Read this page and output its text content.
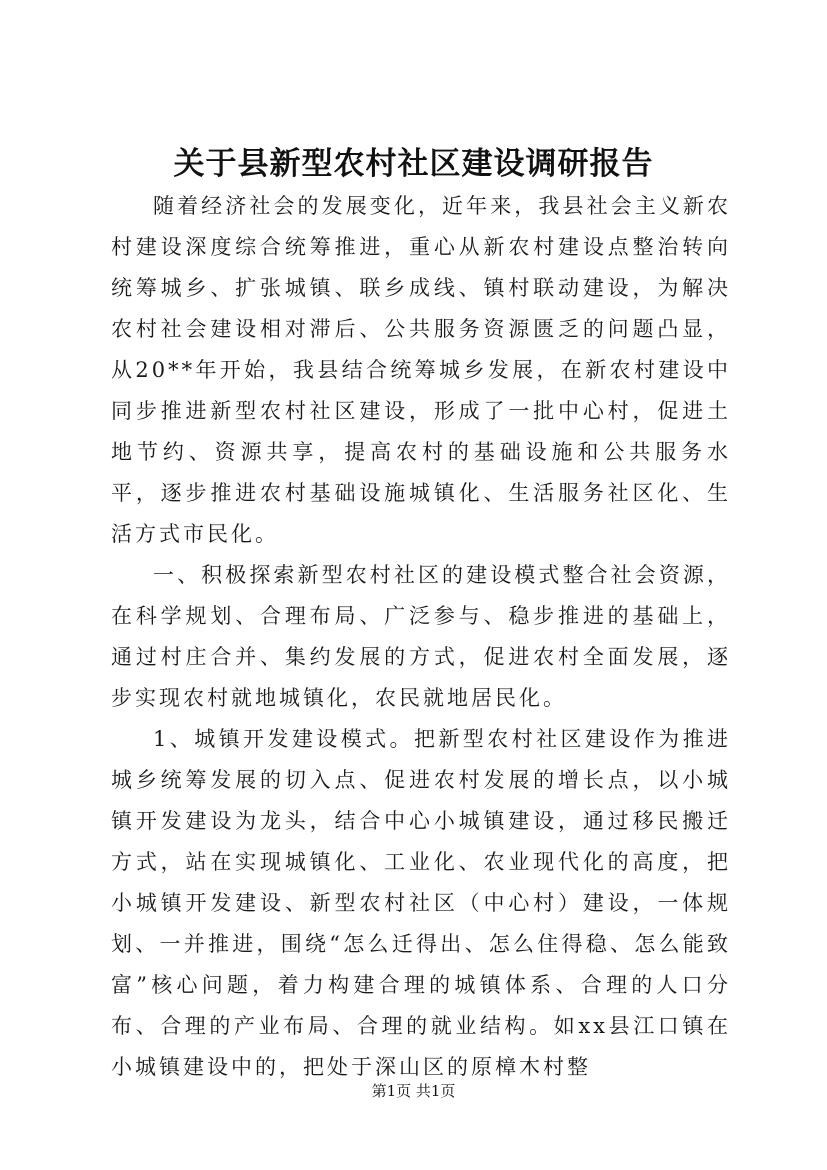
关于县新型农村社区建设调研报告

随着经济社会的发展变化，近年来，我县社会主义新农村建设深度综合统筹推进，重心从新农村建设点整治转向统筹城乡、扩张城镇、联乡成线、镇村联动建设，为解决农村社会建设相对滞后、公共服务资源匮乏的问题凸显，从20**年开始，我县结合统筹城乡发展，在新农村建设中同步推进新型农村社区建设，形成了一批中心村，促进土地节约、资源共享，提高农村的基础设施和公共服务水平，逐步推进农村基础设施城镇化、生活服务社区化、生活方式市民化。

一、积极探索新型农村社区的建设模式整合社会资源，在科学规划、合理布局、广泛参与、稳步推进的基础上，通过村庄合并、集约发展的方式，促进农村全面发展，逐步实现农村就地城镇化，农民就地居民化。

1、城镇开发建设模式。把新型农村社区建设作为推进城乡统筹发展的切入点、促进农村发展的增长点，以小城镇开发建设为龙头，结合中心小城镇建设，通过移民搬迁方式，站在实现城镇化、工业化、农业现代化的高度，把小城镇开发建设、新型农村社区（中心村）建设，一体规划、一并推进，围绕“怎么迁得出、怎么住得稳、怎么能致富”核心问题，着力构建合理的城镇体系、合理的人口分布、合理的产业布局、合理的就业结构。如xx县江口镇在小城镇建设中的，把处于深山区的原樟木村整

第1页 共1页
